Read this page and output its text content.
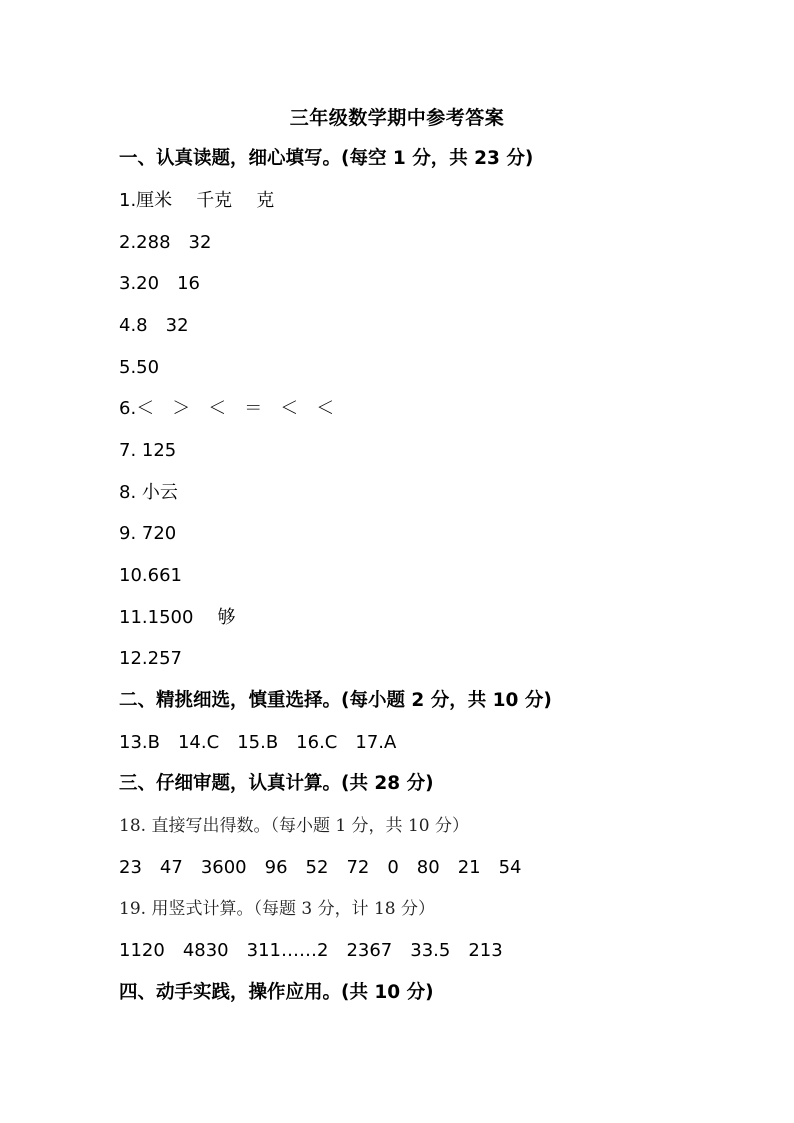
三年级数学期中参考答案
一、认真读题，细心填写。(每空 1 分，共 23 分)
1.厘米 千克 克
2.288 32
3.20 16
4.8 32
5.50
6.＜ ＞ ＜ ＝ ＜ ＜
7. 125
8. 小云
9. 720
10.661
11.1500 够
12.257
二、精挑细选，慎重选择。(每小题 2 分，共 10 分)
13.B 14.C 15.B 16.C 17.A
三、仔细审题，认真计算。(共 28 分)
18. 直接写出得数。（每小题 1 分，共 10 分）
23 47 3600 96 52 72 0 80 21 54
19. 用竖式计算。（每题 3 分，计 18 分）
1120 4830 311……2 2367 33.5 213
四、动手实践，操作应用。(共 10 分)
